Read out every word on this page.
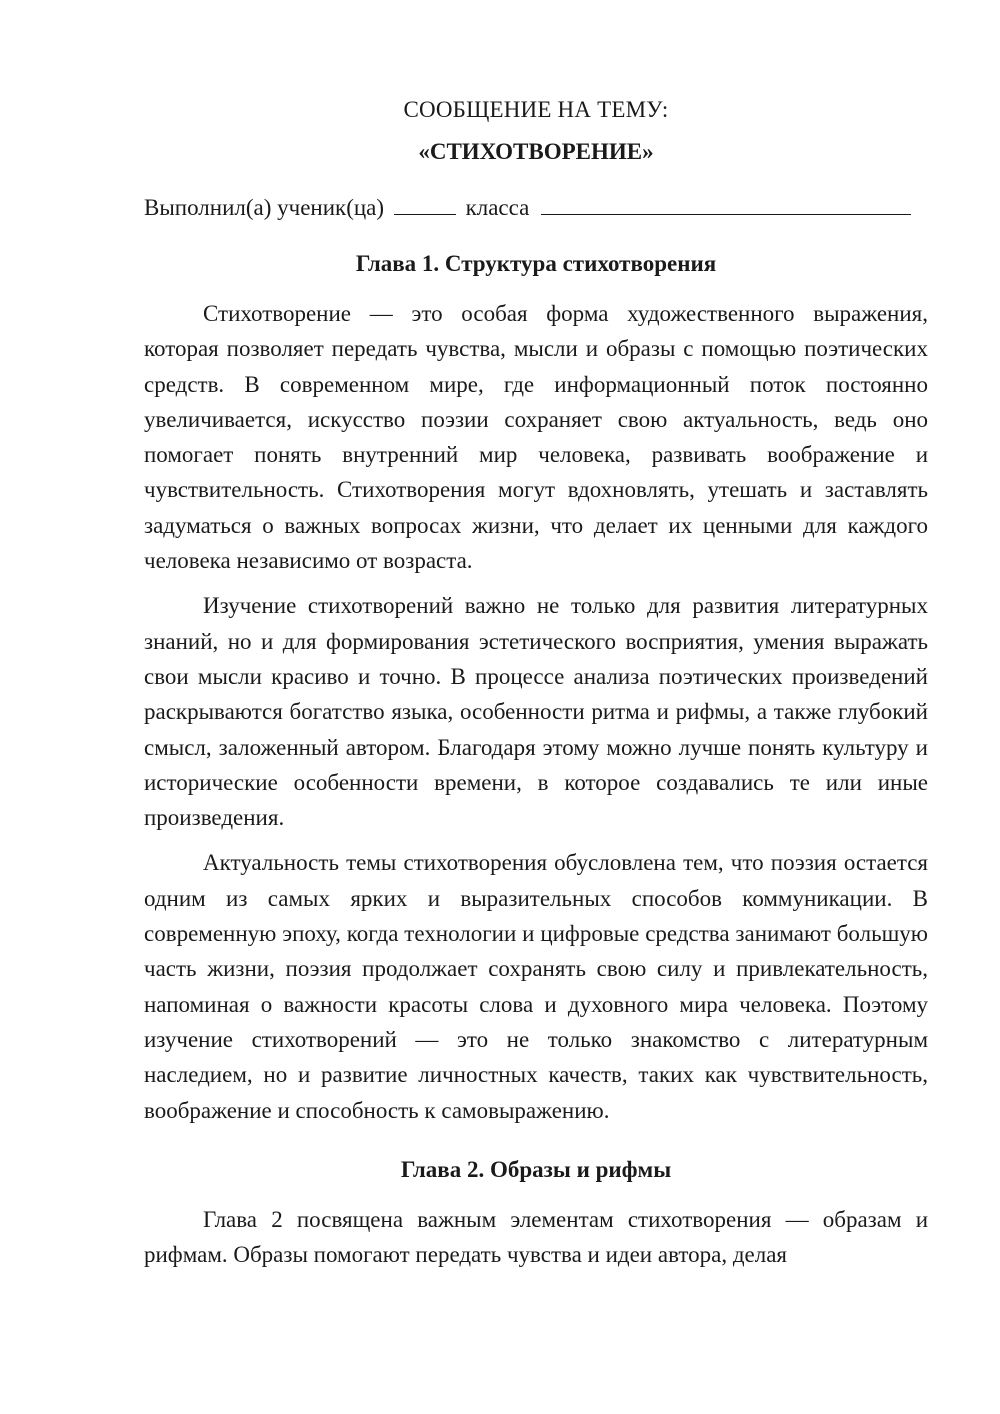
СООБЩЕНИЕ НА ТЕМУ:
«СТИХОТВОРЕНИЕ»
Выполнил(а) ученик(ца)	класса
Глава 1. Структура стихотворения

Стихотворение — это особая форма художественного выражения, которая позволяет передать чувства, мысли и образы с помощью поэтических средств. В современном мире, где информационный поток постоянно увеличивается, искусство поэзии сохраняет свою актуальность, ведь оно помогает понять внутренний мир человека, развивать воображение и чувствительность. Стихотворения могут вдохновлять, утешать и заставлять задуматься о важных вопросах жизни, что делает их ценными для каждого человека независимо от возраста.

Изучение стихотворений важно не только для развития литературных знаний, но и для формирования эстетического восприятия, умения выражать свои мысли красиво и точно. В процессе анализа поэтических произведений раскрываются богатство языка, особенности ритма и рифмы, а также глубокий смысл, заложенный автором. Благодаря этому можно лучше понять культуру и исторические особенности времени, в которое создавались те или иные произведения.

Актуальность темы стихотворения обусловлена тем, что поэзия остается одним из самых ярких и выразительных способов коммуникации. В современную эпоху, когда технологии и цифровые средства занимают большую часть жизни, поэзия продолжает сохранять свою силу и привлекательность, напоминая о важности красоты слова и духовного мира человека. Поэтому изучение стихотворений — это не только знакомство с литературным наследием, но и развитие личностных качеств, таких как чувствительность, воображение и способность к самовыражению.

Глава 2. Образы и рифмы

Глава 2 посвящена важным элементам стихотворения — образам и рифмам. Образы помогают передать чувства и идеи автора, делая
